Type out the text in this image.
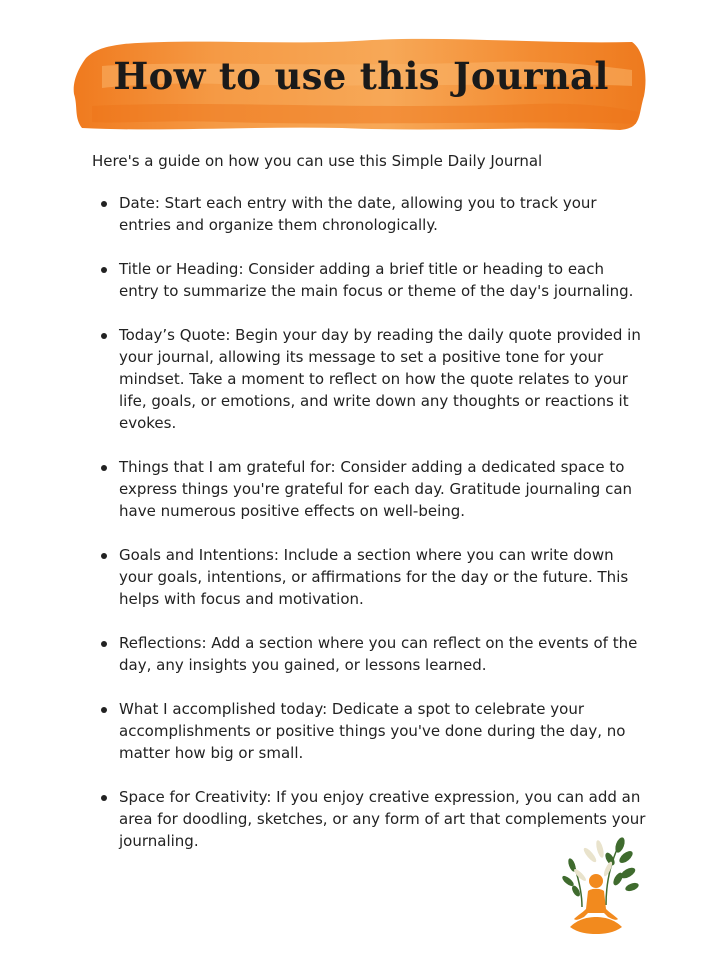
How to use this Journal
Here's a guide on how you can use this Simple Daily Journal
Date: Start each entry with the date, allowing you to track your entries and organize them chronologically.
Title or Heading: Consider adding a brief title or heading to each entry to summarize the main focus or theme of the day's journaling.
Today’s Quote: Begin your day by reading the daily quote provided in your journal, allowing its message to set a positive tone for your mindset. Take a moment to reflect on how the quote relates to your life, goals, or emotions, and write down any thoughts or reactions it evokes.
Things that I am grateful for: Consider adding a dedicated space to express things you're grateful for each day. Gratitude journaling can have numerous positive effects on well-being.
Goals and Intentions: Include a section where you can write down your goals, intentions, or affirmations for the day or the future. This helps with focus and motivation.
Reflections: Add a section where you can reflect on the events of the day, any insights you gained, or lessons learned.
What I accomplished today: Dedicate a spot to celebrate your accomplishments or positive things you've done during the day, no matter how big or small.
Space for Creativity: If you enjoy creative expression, you can add an area for doodling, sketches, or any form of art that complements your journaling.
